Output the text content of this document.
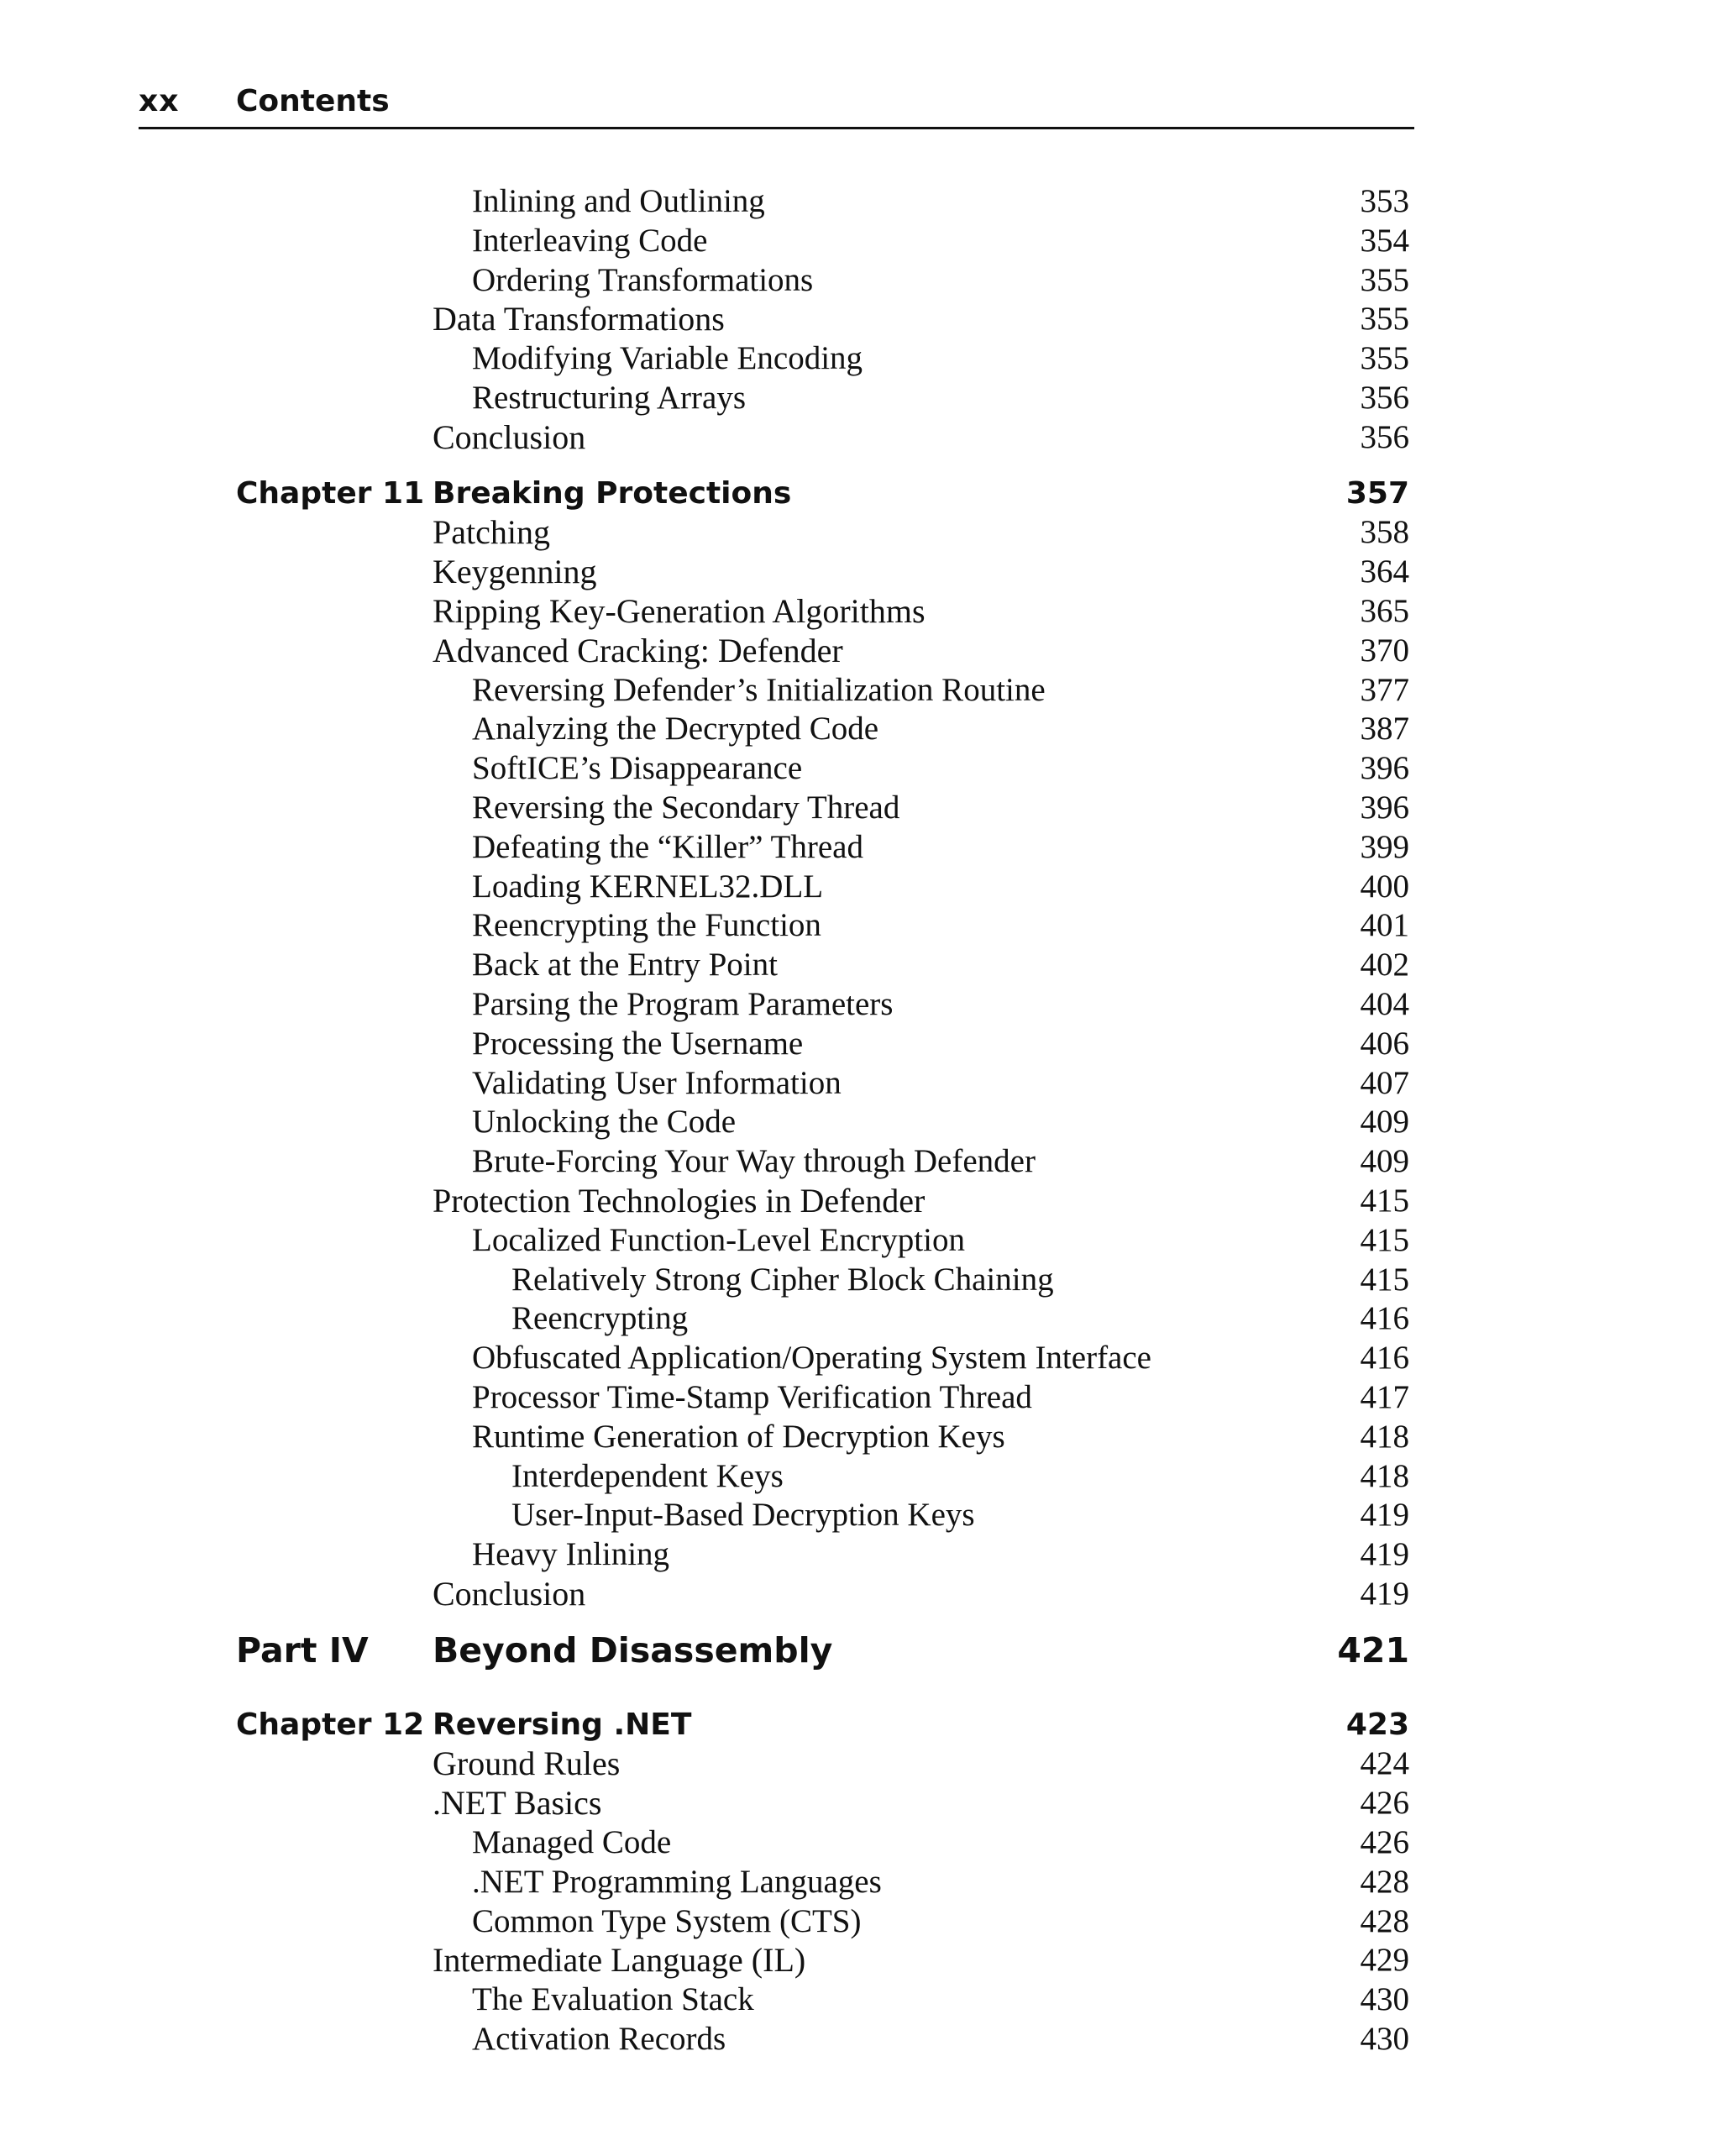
xx Contents
Inlining and Outlining	353
Interleaving Code	354
Ordering Transformations	355
Data Transformations	355
Modifying Variable Encoding	355
Restructuring Arrays	356
Conclusion	356
Chapter 11 Breaking Protections	357
Patching	358
Keygenning	364
Ripping Key-Generation Algorithms	365
Advanced Cracking: Defender	370
Reversing Defender’s Initialization Routine	377
Analyzing the Decrypted Code	387
SoftICE’s Disappearance	396
Reversing the Secondary Thread	396
Defeating the “Killer” Thread	399
Loading KERNEL32.DLL	400
Reencrypting the Function	401
Back at the Entry Point	402
Parsing the Program Parameters	404
Processing the Username	406
Validating User Information	407
Unlocking the Code	409
Brute-Forcing Your Way through Defender	409
Protection Technologies in Defender	415
Localized Function-Level Encryption	415
Relatively Strong Cipher Block Chaining	415
Reencrypting	416
Obfuscated Application/Operating System Interface	416
Processor Time-Stamp Verification Thread	417
Runtime Generation of Decryption Keys	418
Interdependent Keys	418
User-Input-Based Decryption Keys	419
Heavy Inlining	419
Conclusion	419
Part IV Beyond Disassembly	421
Chapter 12 Reversing .NET	423
Ground Rules	424
.NET Basics	426
Managed Code	426
.NET Programming Languages	428
Common Type System (CTS)	428
Intermediate Language (IL)	429
The Evaluation Stack	430
Activation Records	430
